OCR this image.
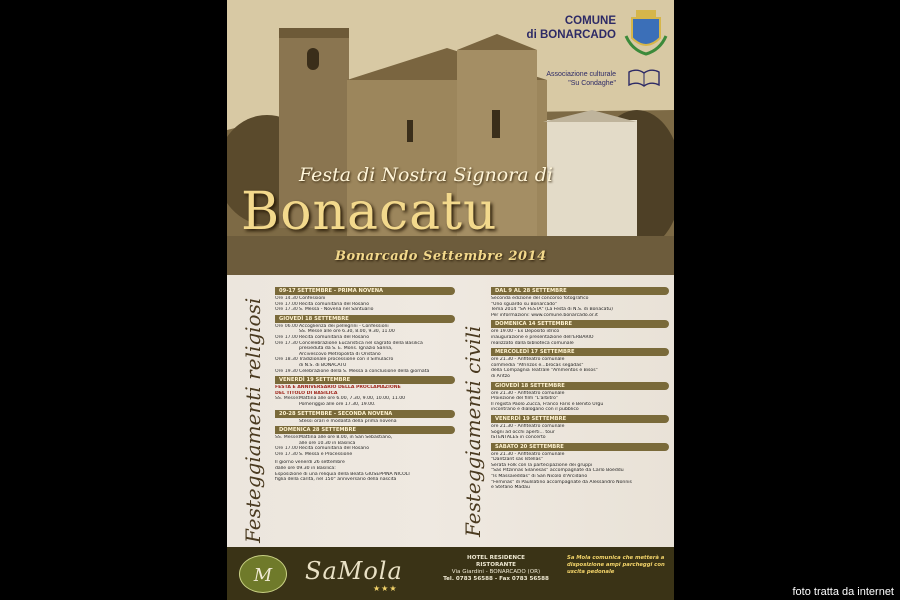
COMUNE
di BONARCADO
Associazione culturale
"Su Condaghe"
Festa di Nostra Signora di
Bonacatu
Bonarcado Settembre 2014
Festeggiamenti religiosi	Festeggiamenti civili
09-17 SETTEMBRE - PRIMA NOVENA
Ore 14.30 Confessioni
Ore 17.00 Recita comunitaria del Rosario
Ore 17.30 S. Messa - Novena nel Santuario
GIOVEDÌ 18 SETTEMBRE
Ore 06.00 Accoglienza dei pellegrini - Confessioni
SS. Messe alle ore 6.30, 8.00, 9.30, 11.00
Ore 17.00 Recita comunitaria del Rosario
Ore 17.30 Concelebrazione Eucaristica nel sagrato della Basilica
presieduta da S. E. Mons. Ignazio Sanna,
Arcivescovo Metropolita di Oristano
Ore 18.30 Tradizionale processione con il Simulacro
di N.S. di BONACATU
Ore 19.30 Celebrazione della S. Messa a conclusione della giornata
VENERDÌ 19 SETTEMBRE
FESTA E ANNIVERSARIO DELLA PROCLAMAZIONE
DEL TITOLO DI BASILICA
SS. Messe: Mattina alle ore 6.00, 7.30, 9.00, 10.00, 11.00
Pomeriggio alle ore 17.30, 19.00.
20-28 SETTEMBRE - SECONDA NOVENA
Stessi orari e modalità della prima novena
DOMENICA 28 SETTEMBRE
SS. Messe: Mattina alle ore 8.00, in San Sebastiano,
alle ore 10.30 in Basilica
Ore 17.00 Recita comunitaria del Rosario
Ore 17.30 S. Messa e Processione
Il giorno venerdì 26 settembre
dalle ore 09.30 in Basilica:
Esposizione di una reliquia della Beata GIUSEPPINA NICOLI
figlia della carità, nel 150° anniversario della nascita
DAL 9 AL 28 SETTEMBRE
Seconda edizione del concorso fotografico
"Uno sguardo su Bonarcado"
Tema 2014 "SA FESTA" (La Festa di N.S. di Bonacatu)
Per informazioni: www.comune.bonarcado.or.it
DOMENICA 14 SETTEMBRE
ore 19.00 - Ex Deposito idrico
inaugurazione e presentazione dell'ERBARIO
realizzato dalla biblioteca comunale
MERCOLEDÌ 17 SETTEMBRE
ore 21.30 - Anfiteatro comunale
commedia "Afrinzos e...brocas segadas"
della Compagnia Teatrale "Ammentos e Bisos"
di Aritzo
GIOVEDÌ 18 SETTEMBRE
ore 21.30 - Anfiteatro comunale
Proiezione del film "L'arbitro"
Il regista Paolo Zucca, Franco Faris e Benito Urgu
incontrano e dialogano con il pubblico
VENERDÌ 19 SETTEMBRE
ore 21.30 - Anfiteatro comunale
Sogni ad occhi aperti... tour
ISTENTALES in concerto
SABATO 20 SETTEMBRE
ore 21.30 - Anfiteatro comunale
"Dantzant sas Istellas"
Serata Folk con la partecipazione dei gruppi
"Sas Pitzinnas Silanesas" accompagnate da Carlo Boeddu
"Is Massaieddas" di San Nicolò d'Arcidano
"Feminas" di Paulilatino accompagnate da Alessandro Nonnis
e Stefano Madau
M SaMola
★★★
HOTEL RESIDENCE
RISTORANTE
Via Giardini - BONARCADO (OR)
Tel. 0783 56588 - Fax 0783 56588
Sa Mola comunica che metterà a disposizione ampi parcheggi con uscita pedonale
foto tratta da internet
